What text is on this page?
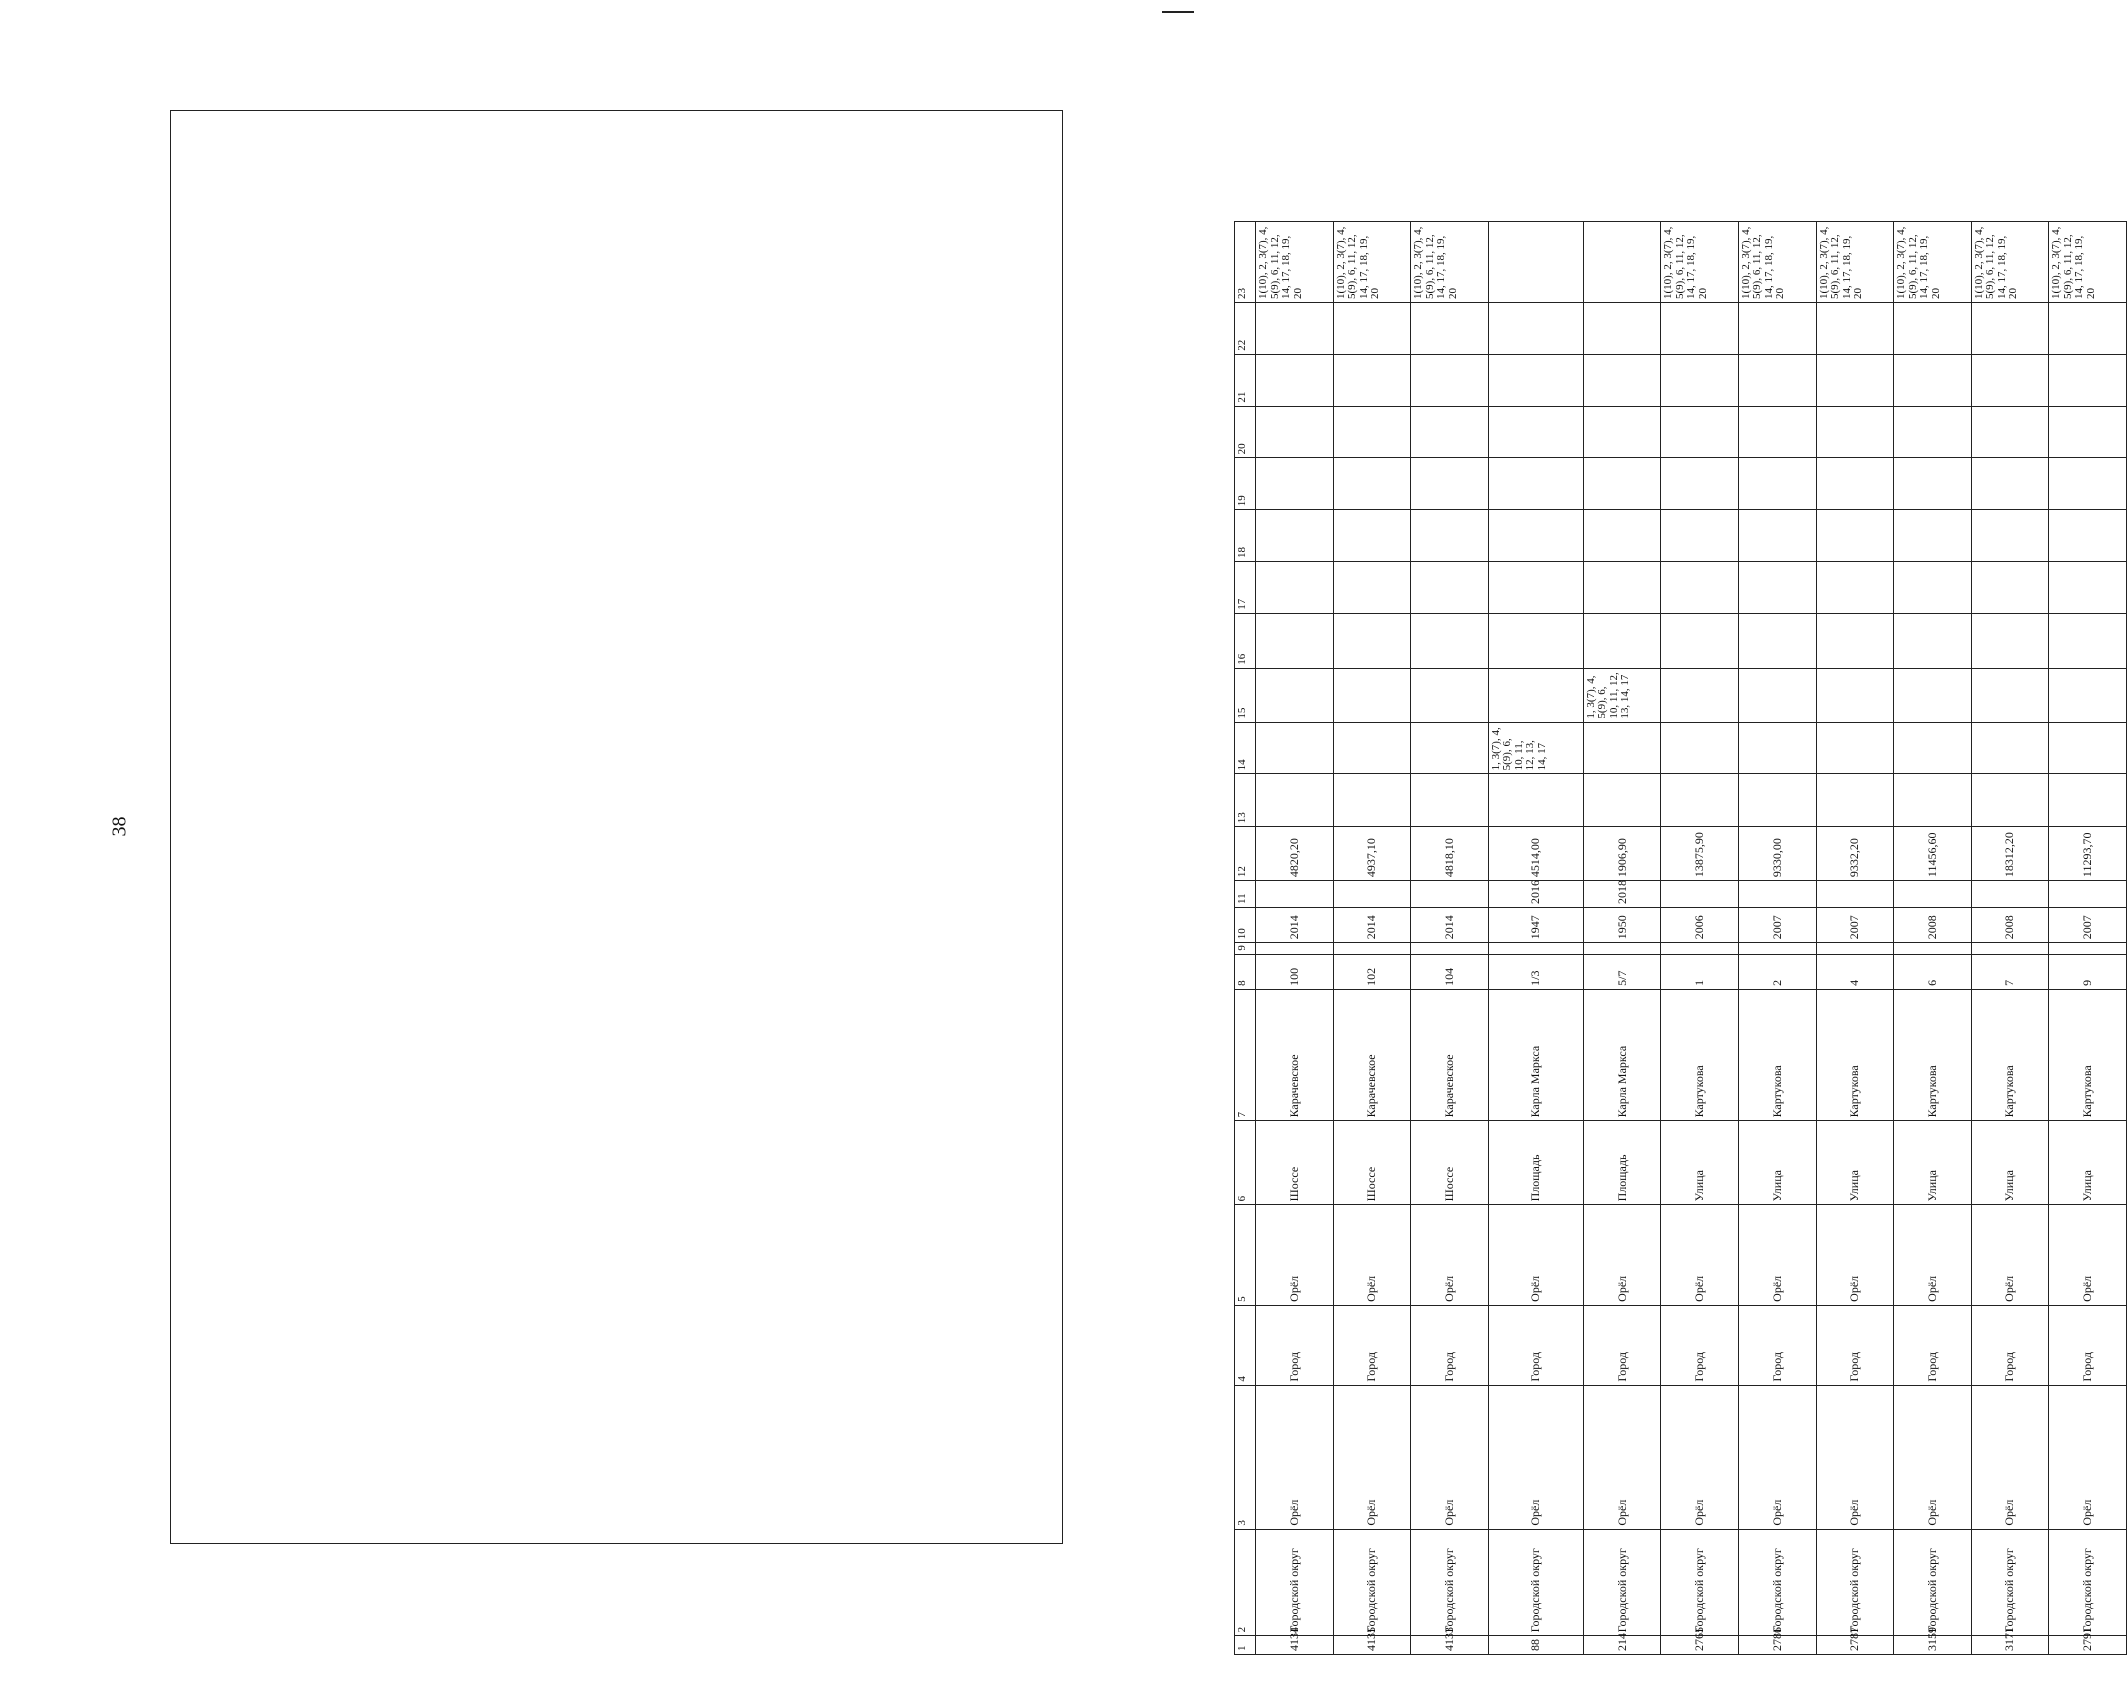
38
1	2	3	4	5	6	7	8	9	10	11	12	13	14	15	16	17	18	19	20	21	22	23
4134	Городской округ	Орёл	Город	Орёл	Шоссе	Карачевское	100		2014		4820,20											1(10), 2, 3(7), 4, 5(9), 6, 11, 12, 14, 17, 18, 19, 20
4135	Городской округ	Орёл	Город	Орёл	Шоссе	Карачевское	102		2014		4937,10											1(10), 2, 3(7), 4, 5(9), 6, 11, 12, 14, 17, 18, 19, 20
4133	Городской округ	Орёл	Город	Орёл	Шоссе	Карачевское	104		2014		4818,10											1(10), 2, 3(7), 4, 5(9), 6, 11, 12, 14, 17, 18, 19, 20
88	Городской округ	Орёл	Город	Орёл	Площадь	Карла Маркса	1/3		1947	2016	4514,00		1, 3(7), 4, 5(9), 6, 10, 11, 12, 13, 14, 17									
214	Городской округ	Орёл	Город	Орёл	Площадь	Карла Маркса	5/7		1950	2018	1906,90			1, 3(7), 4, 5(9), 6, 10, 11, 12, 13, 14, 17								
2765	Городской округ	Орёл	Город	Орёл	Улица	Картукова	1		2006		13875,90											1(10), 2, 3(7), 4, 5(9), 6, 11, 12, 14, 17, 18, 19, 20
2786	Городской округ	Орёл	Город	Орёл	Улица	Картукова	2		2007		9330,00											1(10), 2, 3(7), 4, 5(9), 6, 11, 12, 14, 17, 18, 19, 20
2787	Городской округ	Орёл	Город	Орёл	Улица	Картукова	4		2007		9332,20											1(10), 2, 3(7), 4, 5(9), 6, 11, 12, 14, 17, 18, 19, 20
3159	Городской округ	Орёл	Город	Орёл	Улица	Картукова	6		2008		11456,60											1(10), 2, 3(7), 4, 5(9), 6, 11, 12, 14, 17, 18, 19, 20
3171	Городской округ	Орёл	Город	Орёл	Улица	Картукова	7		2008		18312,20											1(10), 2, 3(7), 4, 5(9), 6, 11, 12, 14, 17, 18, 19, 20
2791	Городской округ	Орёл	Город	Орёл	Улица	Картукова	9		2007		11293,70											1(10), 2, 3(7), 4, 5(9), 6, 11, 12, 14, 17, 18, 19, 20
